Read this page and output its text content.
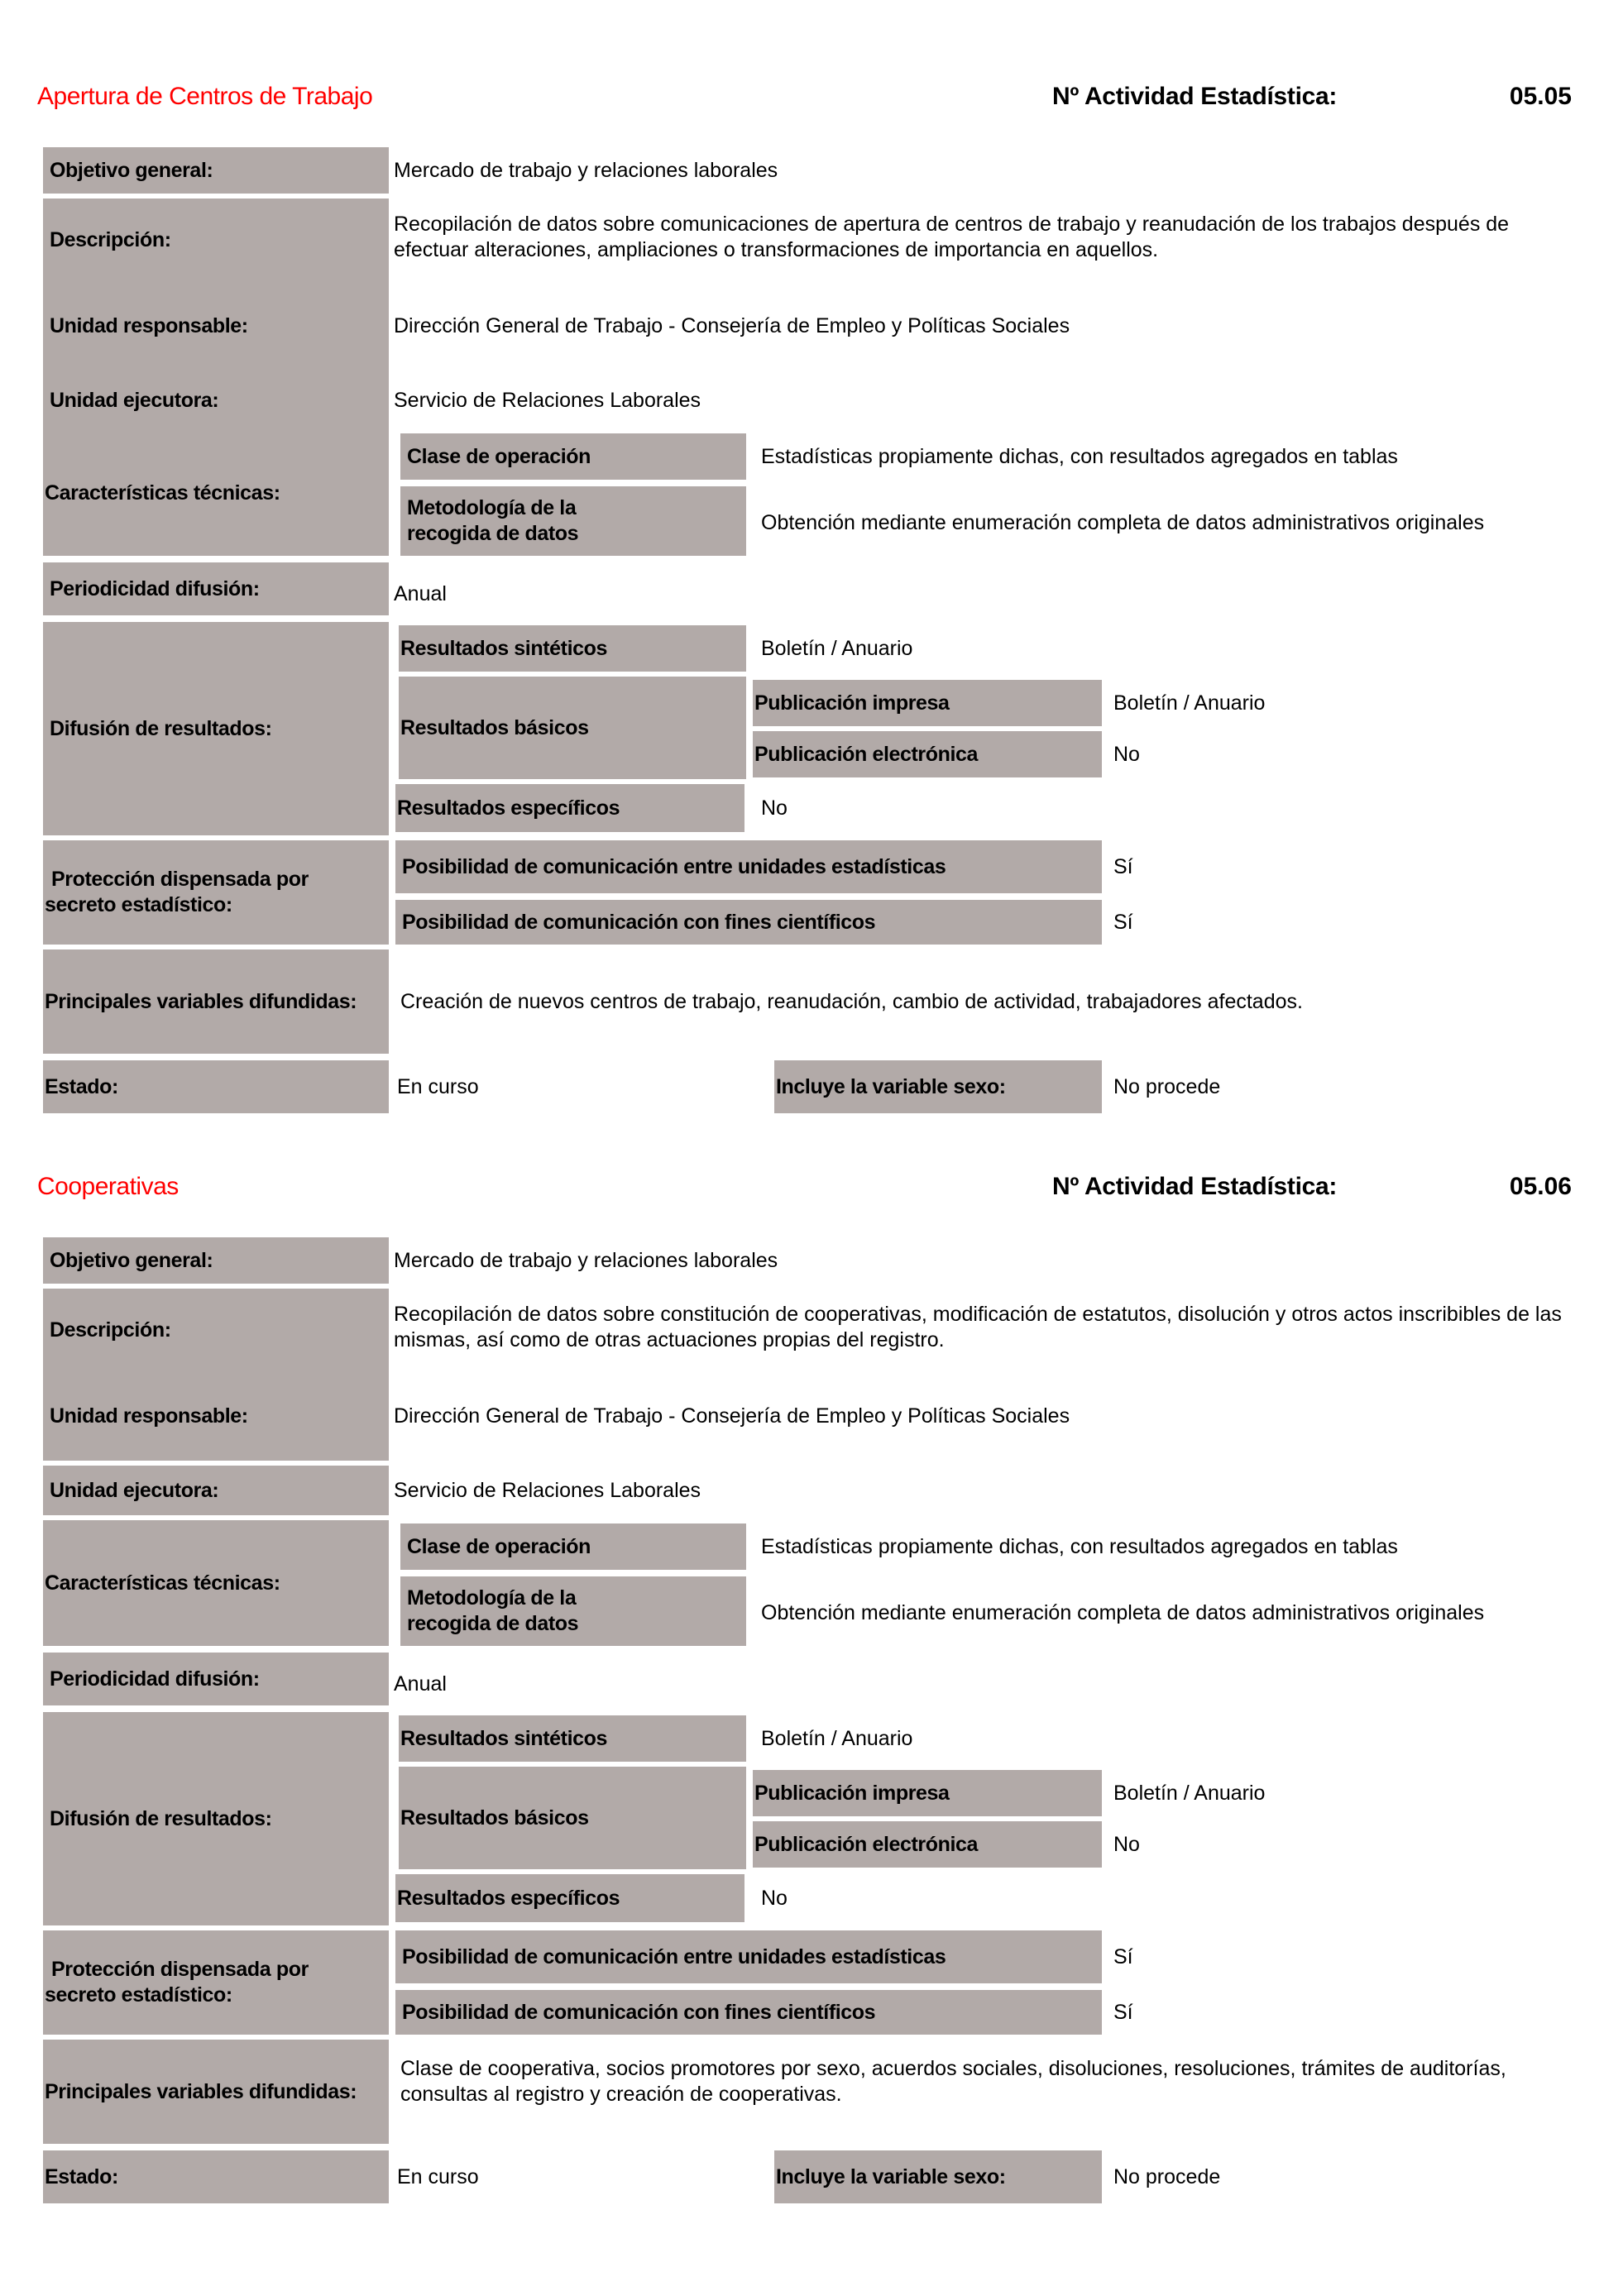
Apertura de Centros de Trabajo	Nº Actividad Estadística:	05.05
Objetivo general:	Mercado de trabajo y relaciones laborales
Descripción:
Recopilación de datos sobre comunicaciones de apertura de centros de trabajo y reanudación de los trabajos después de efectuar alteraciones, ampliaciones o transformaciones de importancia en aquellos.
Unidad responsable:	Dirección General de Trabajo - Consejería de Empleo y Políticas Sociales
Unidad ejecutora:	Servicio de Relaciones Laborales
Características técnicas:
Clase de operación	Estadísticas propiamente dichas, con resultados agregados en tablas
Metodología de la recogida de datos	Obtención mediante enumeración completa de datos administrativos originales
Periodicidad difusión:	Anual
Difusión de resultados:
Resultados sintéticos	Boletín / Anuario
Resultados básicos
Publicación impresa	Boletín / Anuario
Publicación electrónica	No
Resultados específicos	No
Protección dispensada por secreto estadístico:
Posibilidad de comunicación entre unidades estadísticas	Sí
Posibilidad de comunicación con fines científicos	Sí
Principales variables difundidas:	Creación de nuevos centros de trabajo, reanudación, cambio de actividad, trabajadores afectados.
Estado:	En curso	Incluye la variable sexo:	No procede
Cooperativas	Nº Actividad Estadística:	05.06
Objetivo general:	Mercado de trabajo y relaciones laborales
Descripción:
Recopilación de datos sobre constitución de cooperativas, modificación de estatutos, disolución y otros actos inscribibles de las mismas, así como de otras actuaciones propias del registro.
Unidad responsable:	Dirección General de Trabajo - Consejería de Empleo y Políticas Sociales
Unidad ejecutora:	Servicio de Relaciones Laborales
Características técnicas:
Clase de operación	Estadísticas propiamente dichas, con resultados agregados en tablas
Metodología de la recogida de datos	Obtención mediante enumeración completa de datos administrativos originales
Periodicidad difusión:	Anual
Difusión de resultados:
Resultados sintéticos	Boletín / Anuario
Resultados básicos
Publicación impresa	Boletín / Anuario
Publicación electrónica	No
Resultados específicos	No
Protección dispensada por secreto estadístico:
Posibilidad de comunicación entre unidades estadísticas	Sí
Posibilidad de comunicación con fines científicos	Sí
Principales variables difundidas:
Clase de cooperativa, socios promotores por sexo, acuerdos sociales, disoluciones, resoluciones, trámites de auditorías, consultas al registro y creación de cooperativas.
Estado:	En curso	Incluye la variable sexo:	No procede
